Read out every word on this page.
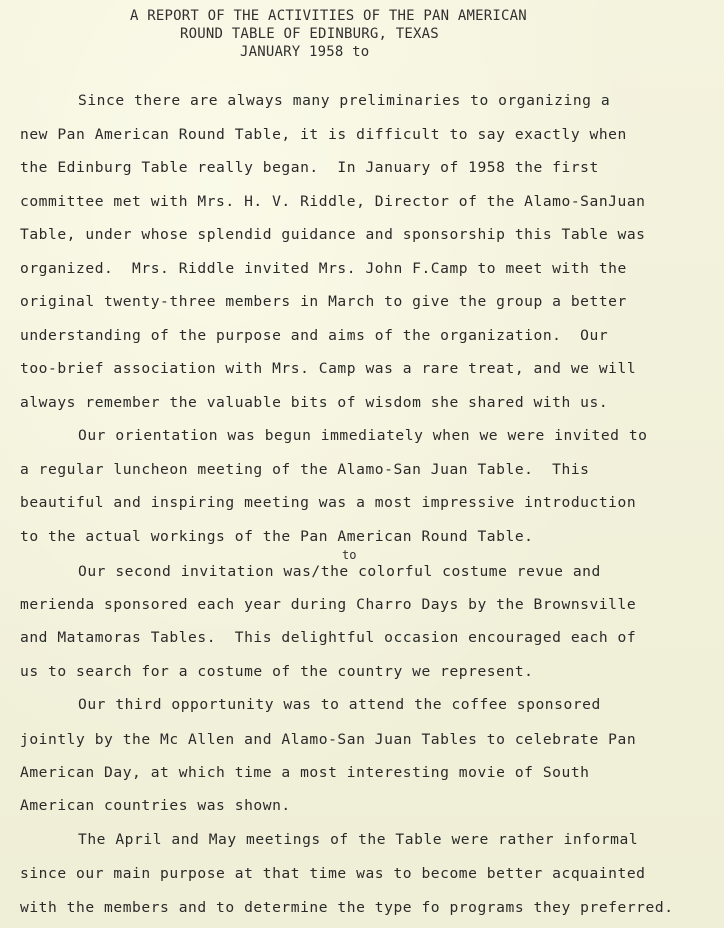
A REPORT OF THE ACTIVITIES OF THE PAN AMERICAN
ROUND TABLE OF EDINBURG, TEXAS
JANUARY 1958 to
Since there are always many preliminaries to organizing a
new Pan American Round Table, it is difficult to say exactly when
the Edinburg Table really began.  In January of 1958 the first
committee met with Mrs. H. V. Riddle, Director of the Alamo-SanJuan
Table, under whose splendid guidance and sponsorship this Table was
organized.  Mrs. Riddle invited Mrs. John F.Camp to meet with the
original twenty-three members in March to give the group a better
understanding of the purpose and aims of the organization.  Our
too-brief association with Mrs. Camp was a rare treat, and we will
always remember the valuable bits of wisdom she shared with us.
Our orientation was begun immediately when we were invited to
a regular luncheon meeting of the Alamo-San Juan Table.  This
beautiful and inspiring meeting was a most impressive introduction
to the actual workings of the Pan American Round Table.
to
Our second invitation was/the colorful costume revue and
merienda sponsored each year during Charro Days by the Brownsville
and Matamoras Tables.  This delightful occasion encouraged each of
us to search for a costume of the country we represent.
Our third opportunity was to attend the coffee sponsored
jointly by the Mc Allen and Alamo-San Juan Tables to celebrate Pan
American Day, at which time a most interesting movie of South
American countries was shown.
The April and May meetings of the Table were rather informal
since our main purpose at that time was to become better acquainted
with the members and to determine the type fo programs they preferred.
